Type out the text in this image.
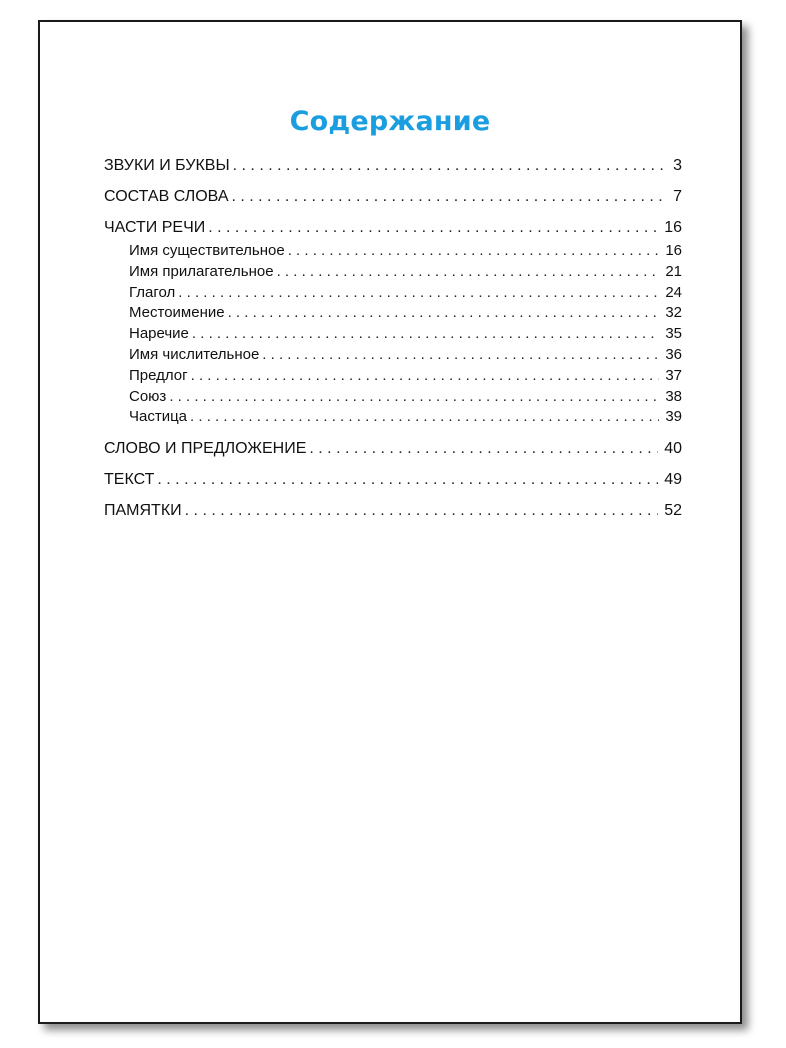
Содержание
ЗВУКИ И БУКВЫ . . .	3
СОСТАВ СЛОВА . . .	7
ЧАСТИ РЕЧИ . . .	16
Имя существительное . . .	16
Имя прилагательное . . .	21
Глагол . . .	24
Местоимение . . .	32
Наречие . . .	35
Имя числительное . . .	36
Предлог . . .	37
Союз . . .	38
Частица . . .	39
СЛОВО И ПРЕДЛОЖЕНИЕ . . .	40
ТЕКСТ . . .	49
ПАМЯТКИ . . .	52
